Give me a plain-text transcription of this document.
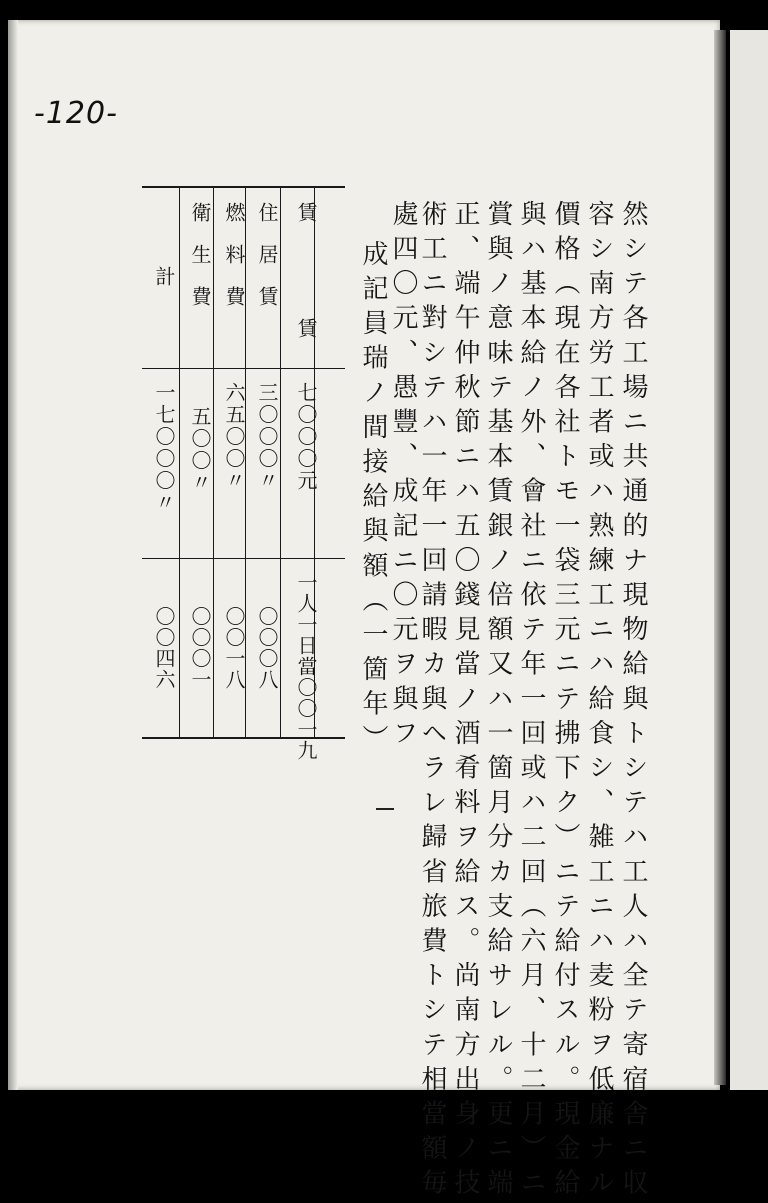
-120-
然シテ各工場ニ共通的ナ現物給與トシテハ工人ハ全テ寄宿舎ニ収
容シ南方労工者或ハ熟練工ニハ給食シ、雑工ニハ麦粉ヲ低廉ナル
價格（現在各社トモ一袋三元ニテ拂下ク）ニテ給付スル。現金給
與ハ基本給ノ外、會社ニ依テ年一回或ハ二回（六月、十二月）ニ
賞與ノ意味テ基本賃銀ノ倍額又ハ一箇月分カ支給サレル。更ニ端
正、端午仲秋節ニハ五〇錢見當ノ酒肴料ヲ給ス。尚南方出身ノ技
術工ニ對シテハ一年一回請暇カ與ヘラレ歸省旅費トシテ相當額毎
處四〇元、愚豐、成記ニ〇元ヲ與フ
成記員瑞ノ間接給與額（一箇年）
賃　　　賃
七〇〇〇元
一人一日當〇〇一九
住居賃
三〇〇〇〃
〇〇〇八
燃料費
六五〇〇〃
〇〇一八
衛生費
五〇〇〃
〇〇〇一
計
一七〇〇〇〃
〇〇四六
